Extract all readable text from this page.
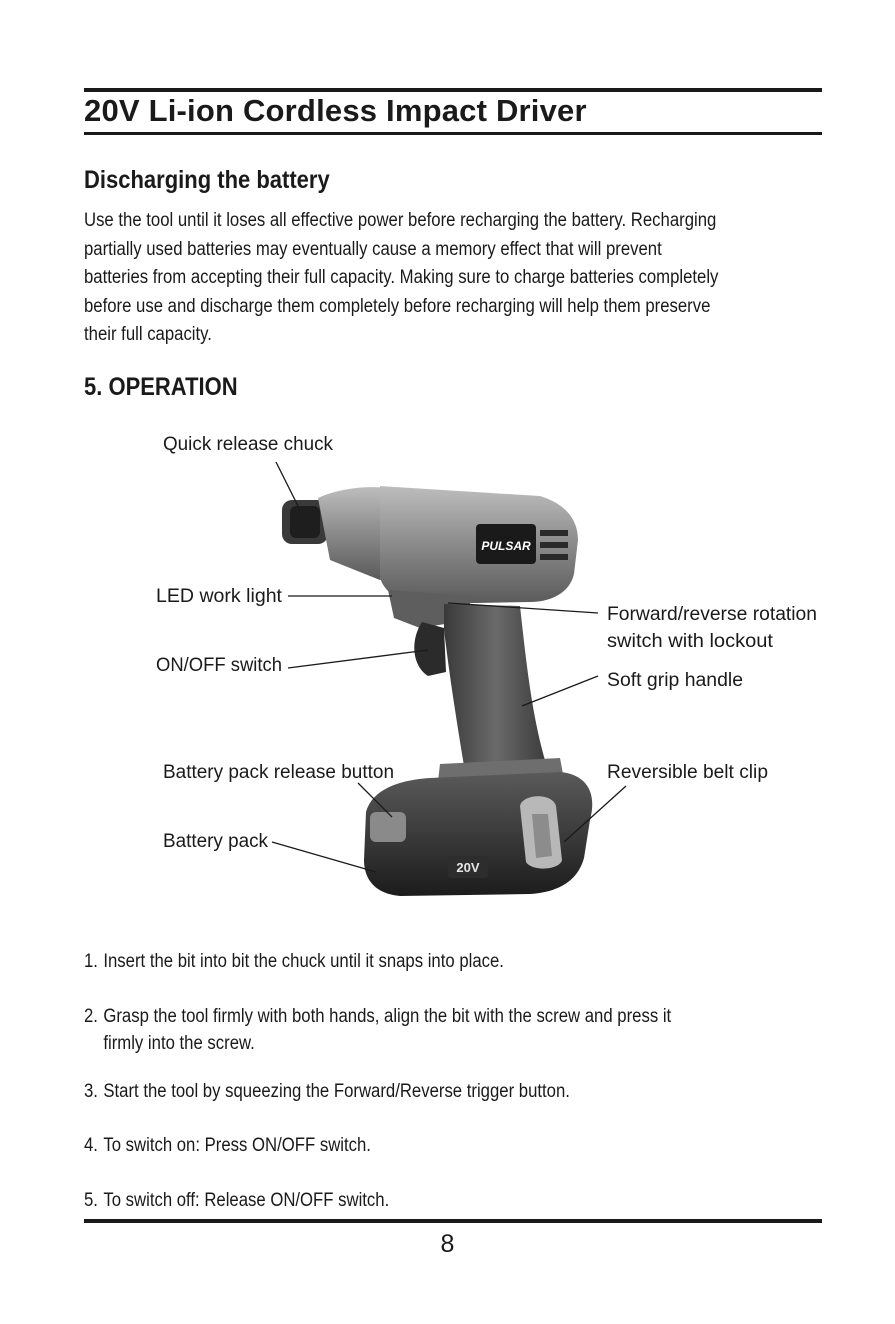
20V Li-ion Cordless Impact Driver
Discharging the battery
Use the tool until it loses all effective power before recharging the battery. Recharging
partially used batteries may eventually cause a memory effect that will prevent
batteries from accepting their full capacity. Making sure to charge batteries completely
before use and discharge them completely before recharging will help them preserve
their full capacity.
5. OPERATION
PULSAR
20V
Quick release chuck
LED work light
ON/OFF switch
Battery pack release button
Battery pack
Forward/reverse rotation
switch with lockout
Soft grip handle
Reversible belt clip
1. Insert the bit into bit the chuck until it snaps into place.
2. Grasp the tool firmly with both hands, align the bit with the screw and press it
firmly into the screw.
3. Start the tool by squeezing the Forward/Reverse trigger button.
4. To switch on: Press ON/OFF switch.
5. To switch off: Release ON/OFF switch.
8
